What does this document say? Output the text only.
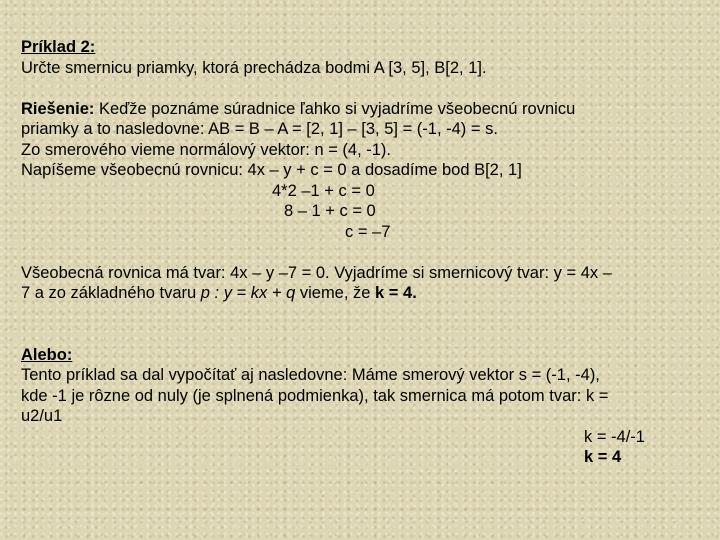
Príklad 2:
Určte smernicu priamky, ktorá prechádza bodmi A [3, 5], B[2, 1].
Riešenie: Keďže poznáme súradnice ľahko si vyjadríme všeobecnú rovnicu
priamky a to nasledovne: AB = B – A = [2, 1] – [3, 5] = (-1, -4) = s.
Zo smerového vieme normálový vektor: n = (4, -1).
Napíšeme všeobecnú rovnicu: 4x – y + c = 0 a dosadíme bod B[2, 1]
4*2 –1 + c = 0
8 – 1 + c = 0
c = –7
Všeobecná rovnica má tvar: 4x – y –7 = 0. Vyjadríme si smernicový tvar: y = 4x –
7 a zo základného tvaru p : y = kx + q vieme, že k = 4.
Alebo:
Tento príklad sa dal vypočítať aj nasledovne: Máme smerový vektor s = (-1, -4),
kde -1 je rôzne od nuly (je splnená podmienka), tak smernica má potom tvar: k =
u2/u1
k = -4/-1
k = 4
